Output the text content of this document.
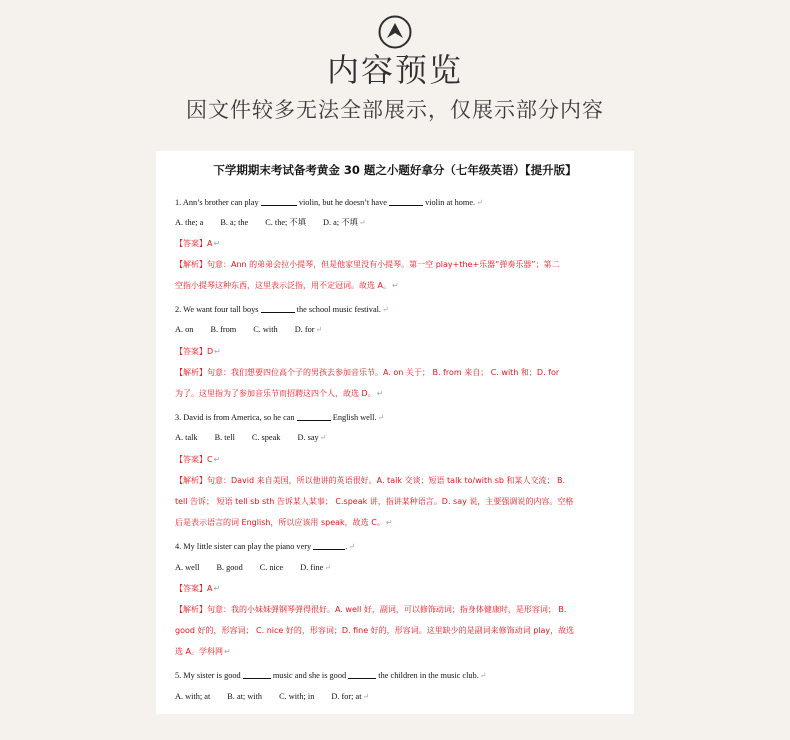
内容预览
因文件较多无法全部展示，仅展示部分内容
下学期期末考试备考黄金 30 题之小题好拿分（七年级英语）【提升版】
1. Ann’s brother can play	violin, but he doesn’t have	violin at home.↵
A. the; a B. a; the C. the; 不填 D. a; 不填↵
【答案】A↵
【解析】句意：Ann 的弟弟会拉小提琴，但是他家里没有小提琴。第一空 play+the+乐器“弹奏乐器”；第二
空指小提琴这种东西，这里表示泛指，用不定冠词。故选 A。↵
2. We want four tall boys	the school music festival.↵
A. on B. from C. with D. for↵
【答案】D↵
【解析】句意：我们想要四位高个子的男孩去参加音乐节。A. on 关于； B. from 来自； C. with 和；D. for
为了。这里指为了参加音乐节而招聘这四个人，故选 D。↵
3. David is from America, so he can	English well.↵
A. talk B. tell C. speak D. say↵
【答案】C↵
【解析】句意：David 来自美国，所以他讲的英语很好。A. talk 交谈；短语 talk to/with sb 和某人交流； B.
tell 告诉； 短语 tell sb sth 告诉某人某事； C.speak 讲，指讲某种语言。D. say 说，主要强调说的内容。空格
后是表示语言的词 English，所以应该用 speak，故选 C。↵
4. My little sister can play the piano very	.↵
A. well B. good C. nice D. fine↵
【答案】A↵
【解析】句意：我的小妹妹弹钢琴弹得很好。A. well 好，副词，可以修饰动词；指身体健康时，是形容词； B.
good 好的，形容词； C. nice 好的，形容词；D. fine 好的，形容词。这里缺少的是副词来修饰动词 play，故选
选 A。学科网↵
5. My sister is good	music and she is good	the children in the music club.↵
A. with; at B. at; with C. with; in D. for; at↵
